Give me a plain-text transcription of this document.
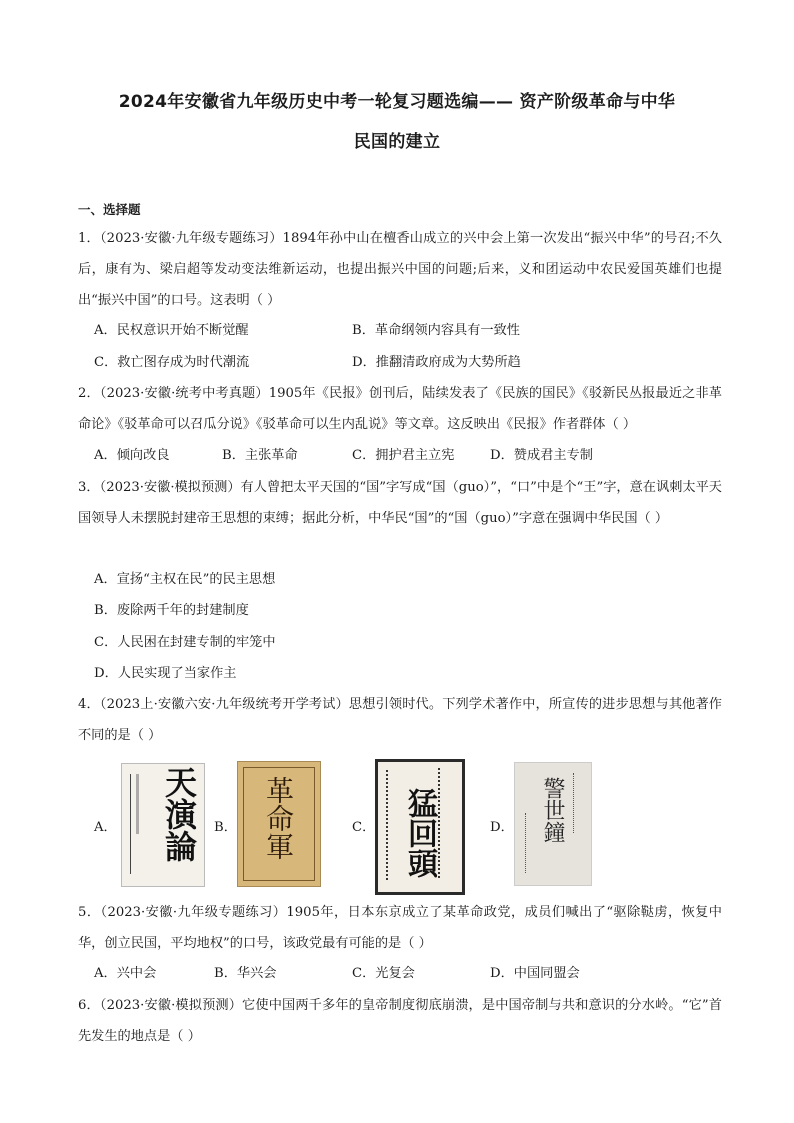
2024年安徽省九年级历史中考一轮复习题选编—— 资产阶级革命与中华
民国的建立
一、选择题
1．（2023·安徽·九年级专题练习）1894年孙中山在檀香山成立的兴中会上第一次发出“振兴中华”的号召;不久后，康有为、梁启超等发动变法维新运动，也提出振兴中国的问题;后来，义和团运动中农民爱国英雄们也提出“振兴中国”的口号。这表明（ ）
A．民权意识开始不断觉醒	B．革命纲领内容具有一致性
C．救亡图存成为时代潮流	D．推翻清政府成为大势所趋
2．（2023·安徽·统考中考真题）1905年《民报》创刊后，陆续发表了《民族的国民》《驳新民丛报最近之非革命论》《驳革命可以召瓜分说》《驳革命可以生内乱说》等文章。这反映出《民报》作者群体（ ）
A．倾向改良	B．主张革命	C．拥护君主立宪	D．赞成君主专制
3．（2023·安徽·模拟预测）有人曾把太平天国的“国”字写成“国（guo）”，“口”中是个“王”字，意在讽刺太平天国领导人未摆脱封建帝王思想的束缚；据此分析，中华民“国”的“国（guo）”字意在强调中华民国（ ）
A．宣扬“主权在民”的民主思想
B．废除两千年的封建制度
C．人民困在封建专制的牢笼中
D．人民实现了当家作主
4．（2023上·安徽六安·九年级统考开学考试）思想引领时代。下列学术著作中，所宣传的进步思想与其他著作不同的是（ ）
A． 天演論 B． 革命軍	C． 猛回頭	D． 警世鐘
5．（2023·安徽·九年级专题练习）1905年，日本东京成立了某革命政党，成员们喊出了“驱除鞑虏，恢复中华，创立民国，平均地权”的口号，该政党最有可能的是（ ）
A．兴中会	B．华兴会	C．光复会	D．中国同盟会
6．（2023·安徽·模拟预测）它使中国两千多年的皇帝制度彻底崩溃，是中国帝制与共和意识的分水岭。“它”首先发生的地点是（ ）
